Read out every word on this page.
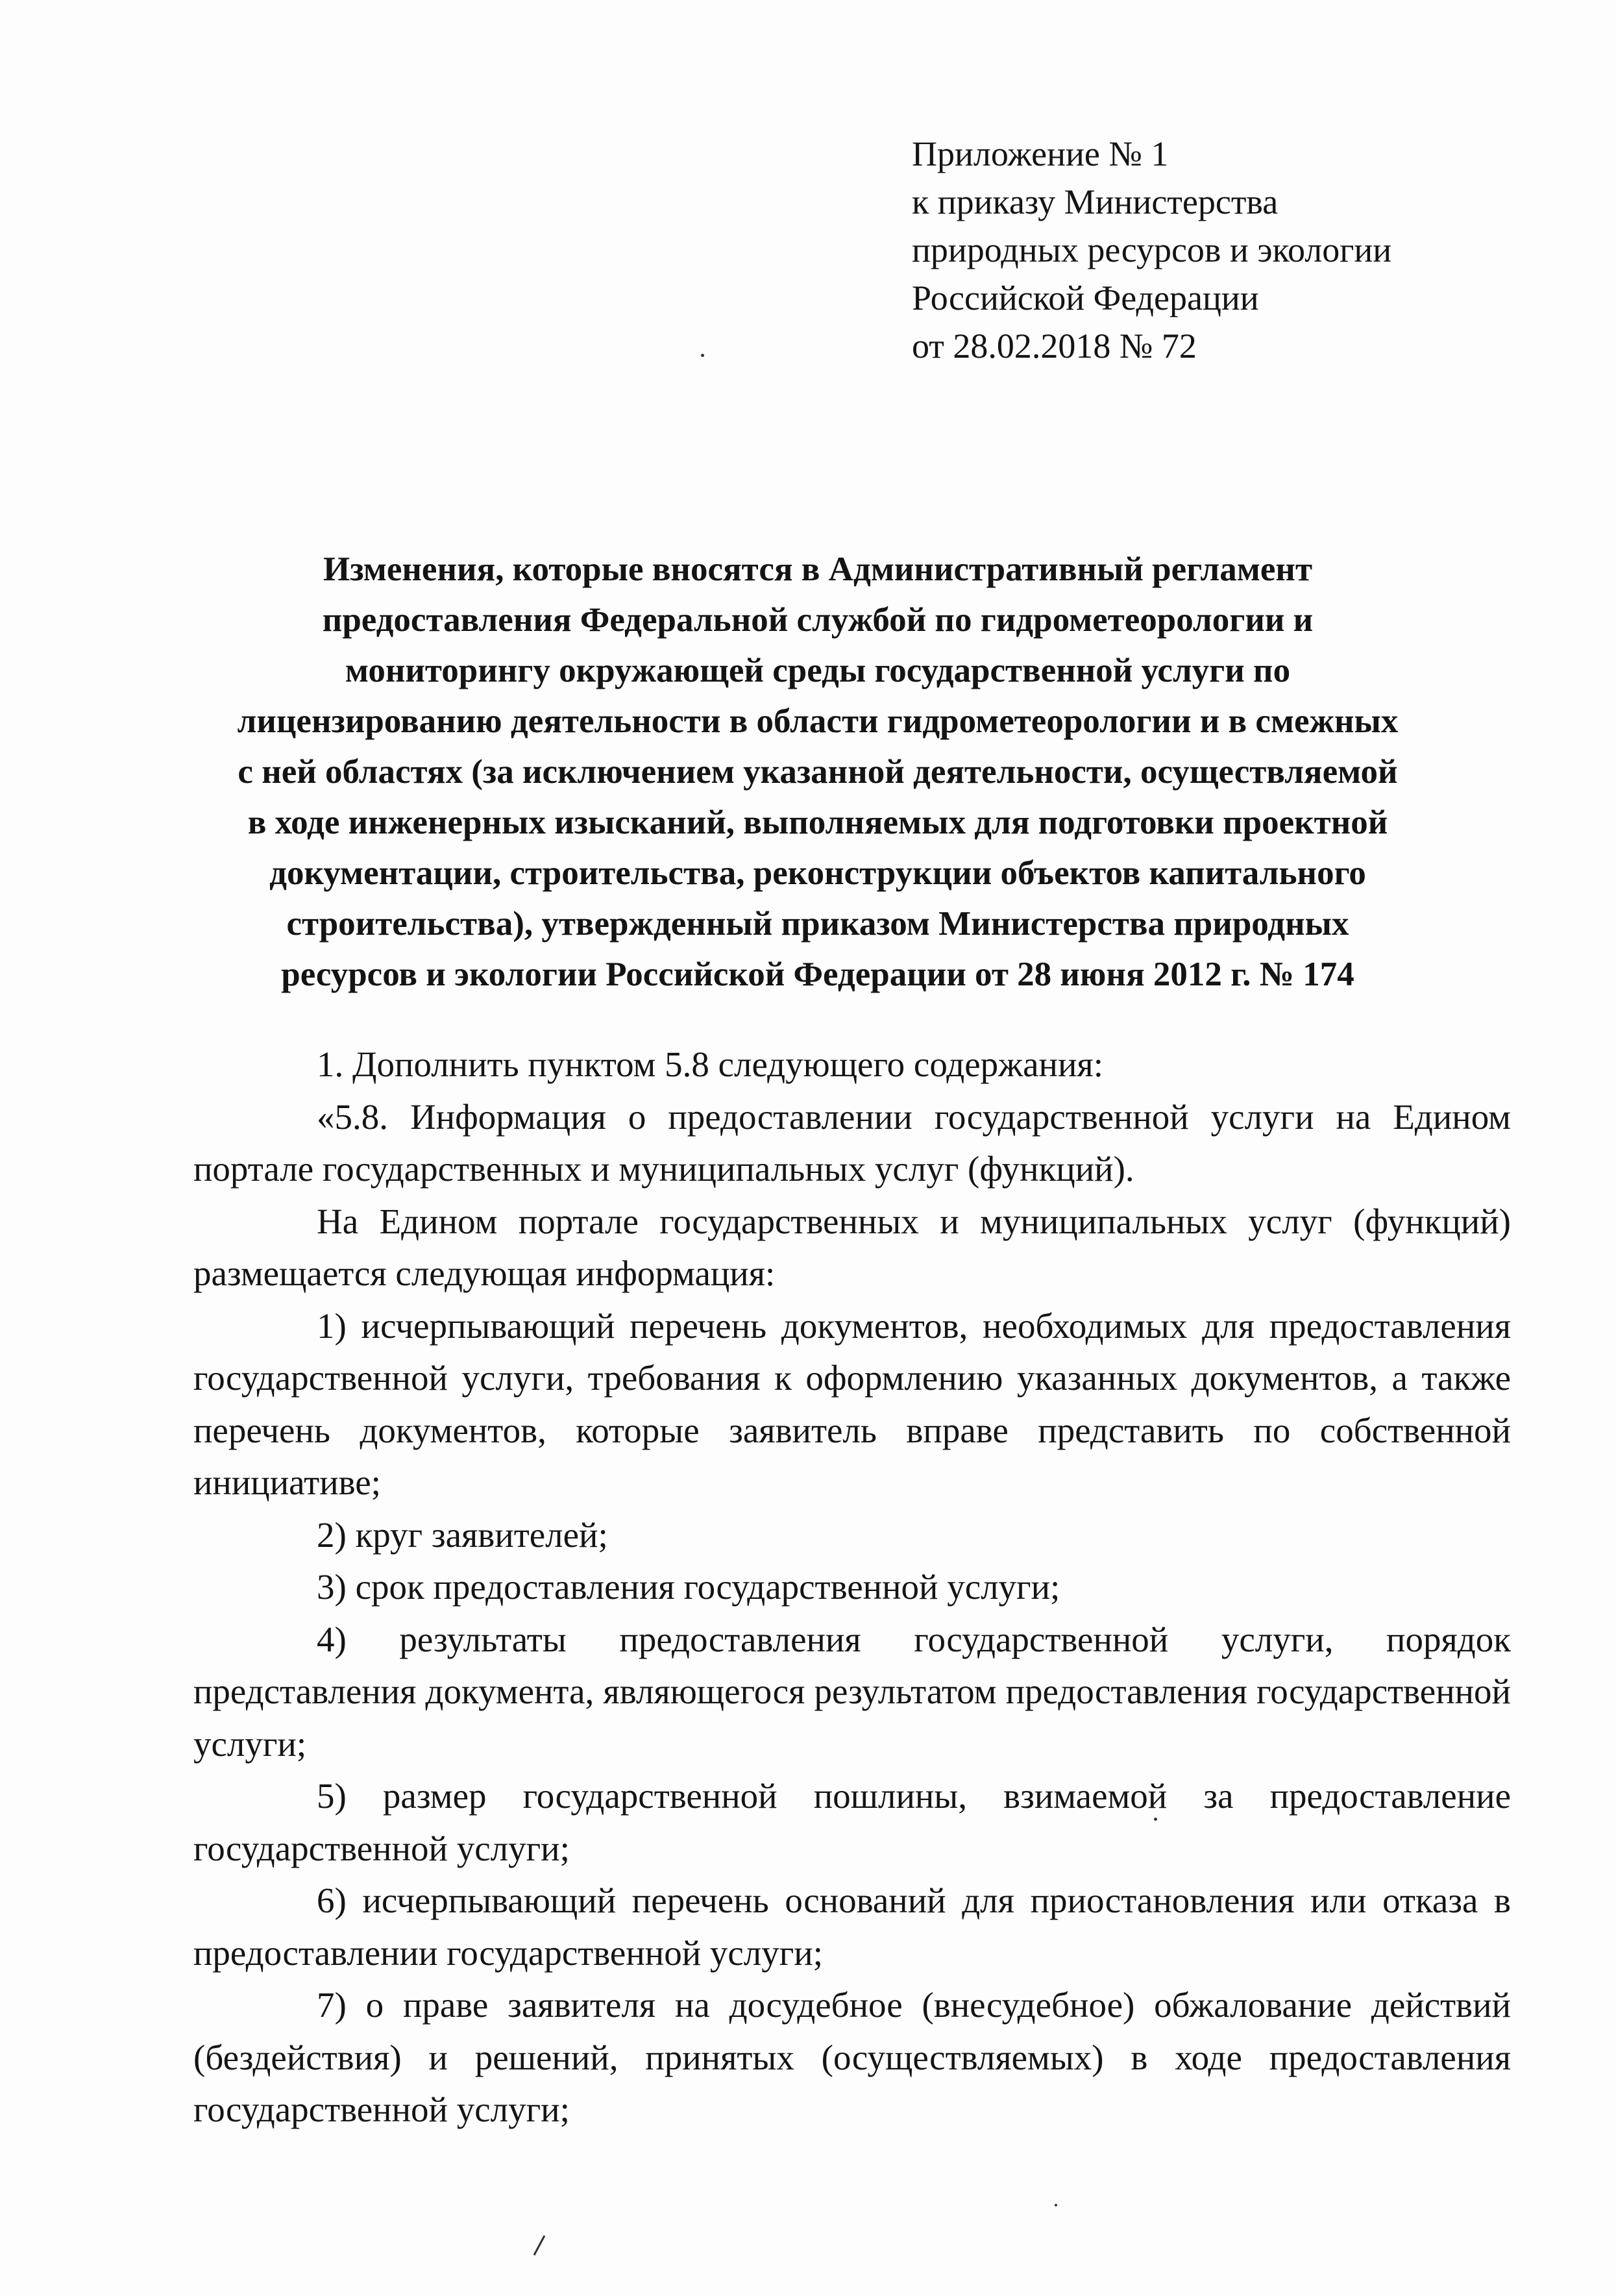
Приложение № 1
к приказу Министерства
природных ресурсов и экологии
Российской Федерации
от 28.02.2018 № 72
Изменения, которые вносятся в Административный регламент
предоставления Федеральной службой по гидрометеорологии и
мониторингу окружающей среды государственной услуги по
лицензированию деятельности в области гидрометеорологии и в смежных
с ней областях (за исключением указанной деятельности, осуществляемой
в ходе инженерных изысканий, выполняемых для подготовки проектной
документации, строительства, реконструкции объектов капитального
строительства), утвержденный приказом Министерства природных
ресурсов и экологии Российской Федерации от 28 июня 2012 г. № 174

1. Дополнить пунктом 5.8 следующего содержания:

«5.8. Информация о предоставлении государственной услуги на Едином портале государственных и муниципальных услуг (функций).

На Едином портале государственных и муниципальных услуг (функций) размещается следующая информация:

1) исчерпывающий перечень документов, необходимых для предоставления государственной услуги, требования к оформлению указанных документов, а также перечень документов, которые заявитель вправе представить по собственной инициативе;

2) круг заявителей;

3) срок предоставления государственной услуги;

4) результаты предоставления государственной услуги, порядок представления документа, являющегося результатом предоставления государственной услуги;

5) размер государственной пошлины, взимаемой за предоставление государственной услуги;

6) исчерпывающий перечень оснований для приостановления или отказа в предоставлении государственной услуги;

7) о праве заявителя на досудебное (внесудебное) обжалование действий (бездействия) и решений, принятых (осуществляемых) в ходе предоставления государственной услуги;
